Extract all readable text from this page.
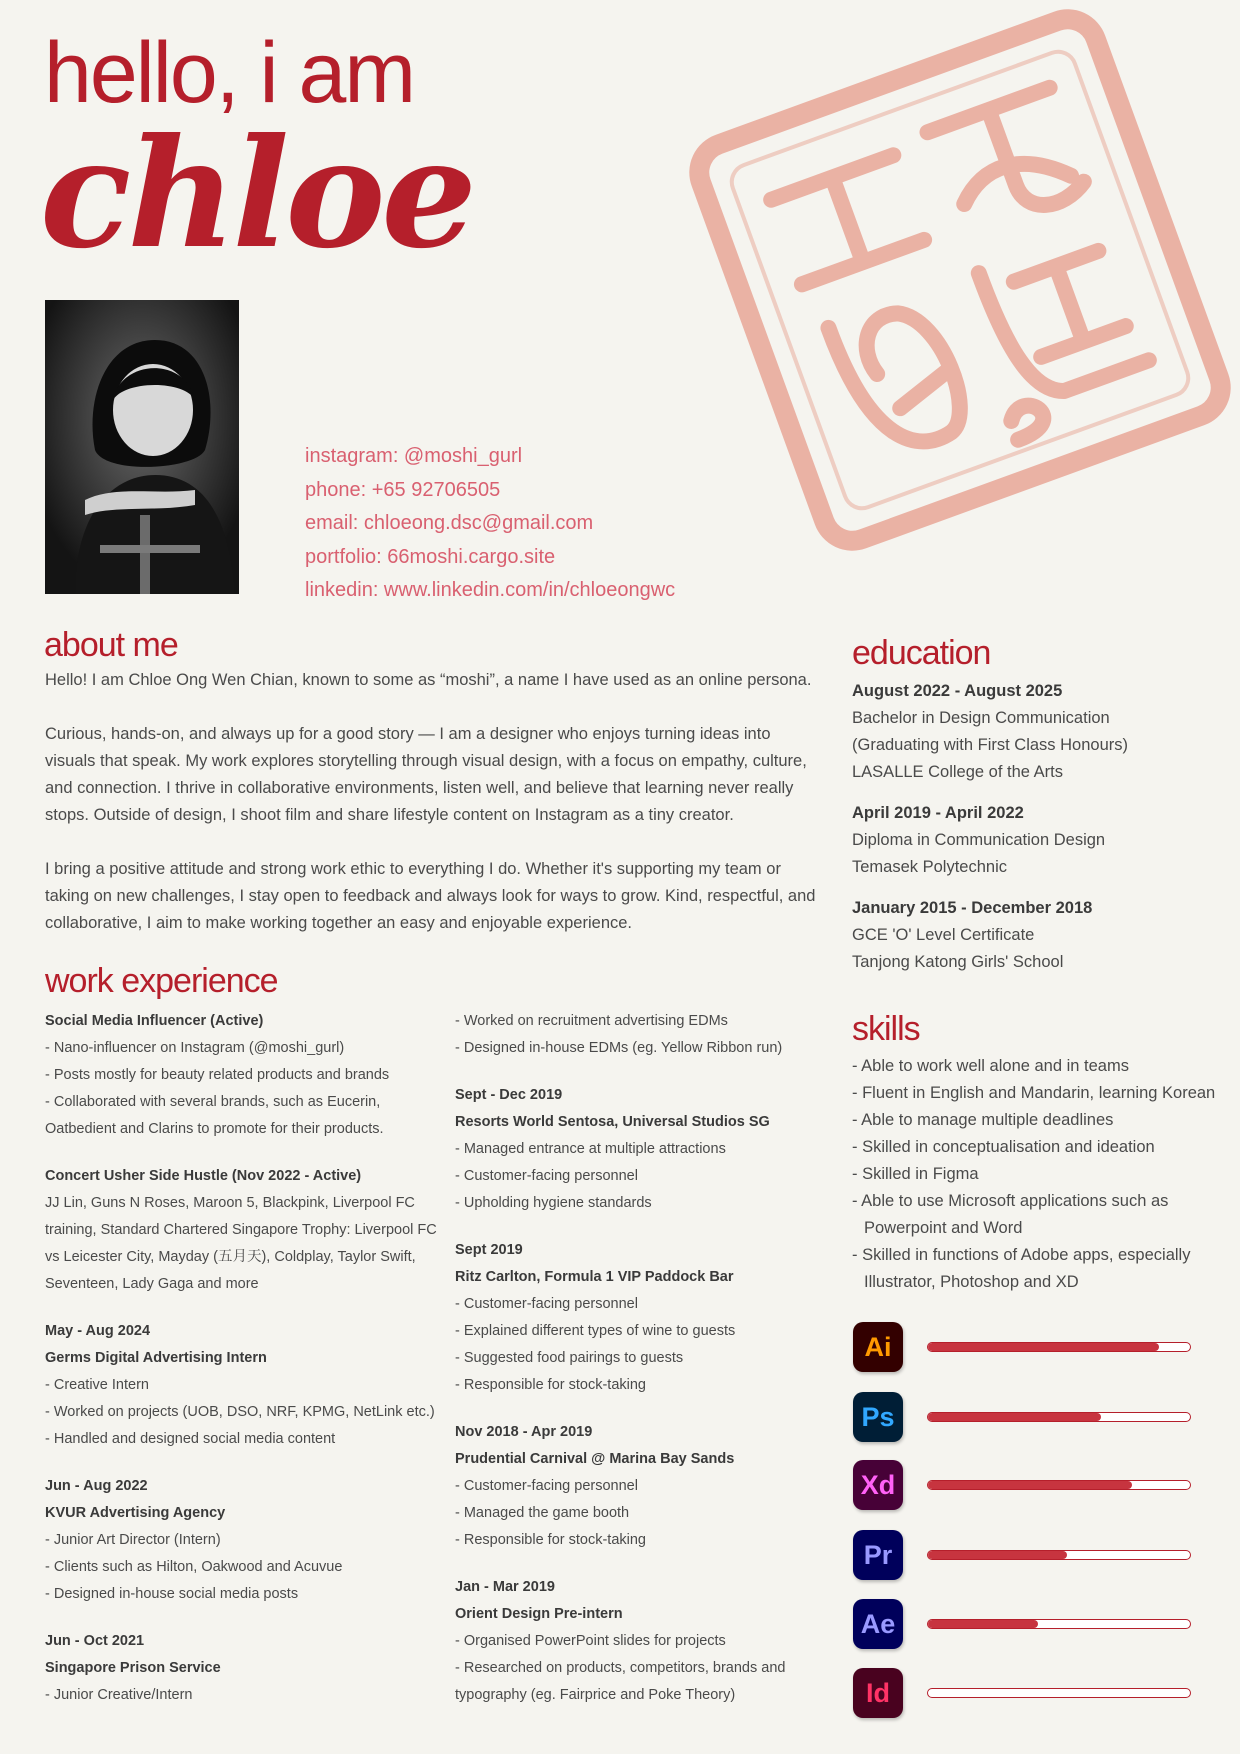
hello, i am
chloe
instagram: @moshi_gurl
phone: +65 92706505
email: chloeong.dsc@gmail.com
portfolio: 66moshi.cargo.site
linkedin: www.linkedin.com/in/chloeongwc
about me

Hello! I am Chloe Ong Wen Chian, known to some as “moshi”, a name I have used as an online persona.

Curious, hands-on, and always up for a good story — I am a designer who enjoys turning ideas into visuals that speak. My work explores storytelling through visual design, with a focus on empathy, culture, and connection. I thrive in collaborative environments, listen well, and believe that learning never really stops. Outside of design, I shoot film and share lifestyle content on Instagram as a tiny creator.

I bring a positive attitude and strong work ethic to everything I do. Whether it's supporting my team or taking on new challenges, I stay open to feedback and always look for ways to grow. Kind, respectful, and collaborative, I aim to make working together an easy and enjoyable experience.

work experience
Social Media Influencer (Active)
- Nano-influencer on Instagram (@moshi_gurl)
- Posts mostly for beauty related products and brands
- Collaborated with several brands, such as Eucerin, Oatbedient and Clarins to promote for their products.
Concert Usher Side Hustle (Nov 2022 - Active)
JJ Lin, Guns N Roses, Maroon 5, Blackpink, Liverpool FC training, Standard Chartered Singapore Trophy: Liverpool FC vs Leicester City, Mayday (五月天), Coldplay, Taylor Swift, Seventeen, Lady Gaga and more
May - Aug 2024
Germs Digital Advertising Intern
- Creative Intern
- Worked on projects (UOB, DSO, NRF, KPMG, NetLink etc.)
- Handled and designed social media content
Jun - Aug 2022
KVUR Advertising Agency
- Junior Art Director (Intern)
- Clients such as Hilton, Oakwood and Acuvue
- Designed in-house social media posts
Jun - Oct 2021
Singapore Prison Service
- Junior Creative/Intern
- Worked on recruitment advertising EDMs
- Designed in-house EDMs (eg. Yellow Ribbon run)
Sept - Dec 2019
Resorts World Sentosa, Universal Studios SG
- Managed entrance at multiple attractions
- Customer-facing personnel
- Upholding hygiene standards
Sept 2019
Ritz Carlton, Formula 1 VIP Paddock Bar
- Customer-facing personnel
- Explained different types of wine to guests
- Suggested food pairings to guests
- Responsible for stock-taking
Nov 2018 - Apr 2019
Prudential Carnival @ Marina Bay Sands
- Customer-facing personnel
- Managed the game booth
- Responsible for stock-taking
Jan - Mar 2019
Orient Design Pre-intern
- Organised PowerPoint slides for projects
- Researched on products, competitors, brands and typography (eg. Fairprice and Poke Theory)
education
August 2022 - August 2025
Bachelor in Design Communication
(Graduating with First Class Honours)
LASALLE College of the Arts
April 2019 - April 2022
Diploma in Communication Design
Temasek Polytechnic
January 2015 - December 2018
GCE 'O' Level Certificate
Tanjong Katong Girls' School
skills
- Able to work well alone and in teams
- Fluent in English and Mandarin, learning Korean
- Able to manage multiple deadlines
- Skilled in conceptualisation and ideation
- Skilled in Figma
- Able to use Microsoft applications such as Powerpoint and Word
- Skilled in functions of Adobe apps, especially Illustrator, Photoshop and XD
Ai
Ps
Xd
Pr
Ae
Id
